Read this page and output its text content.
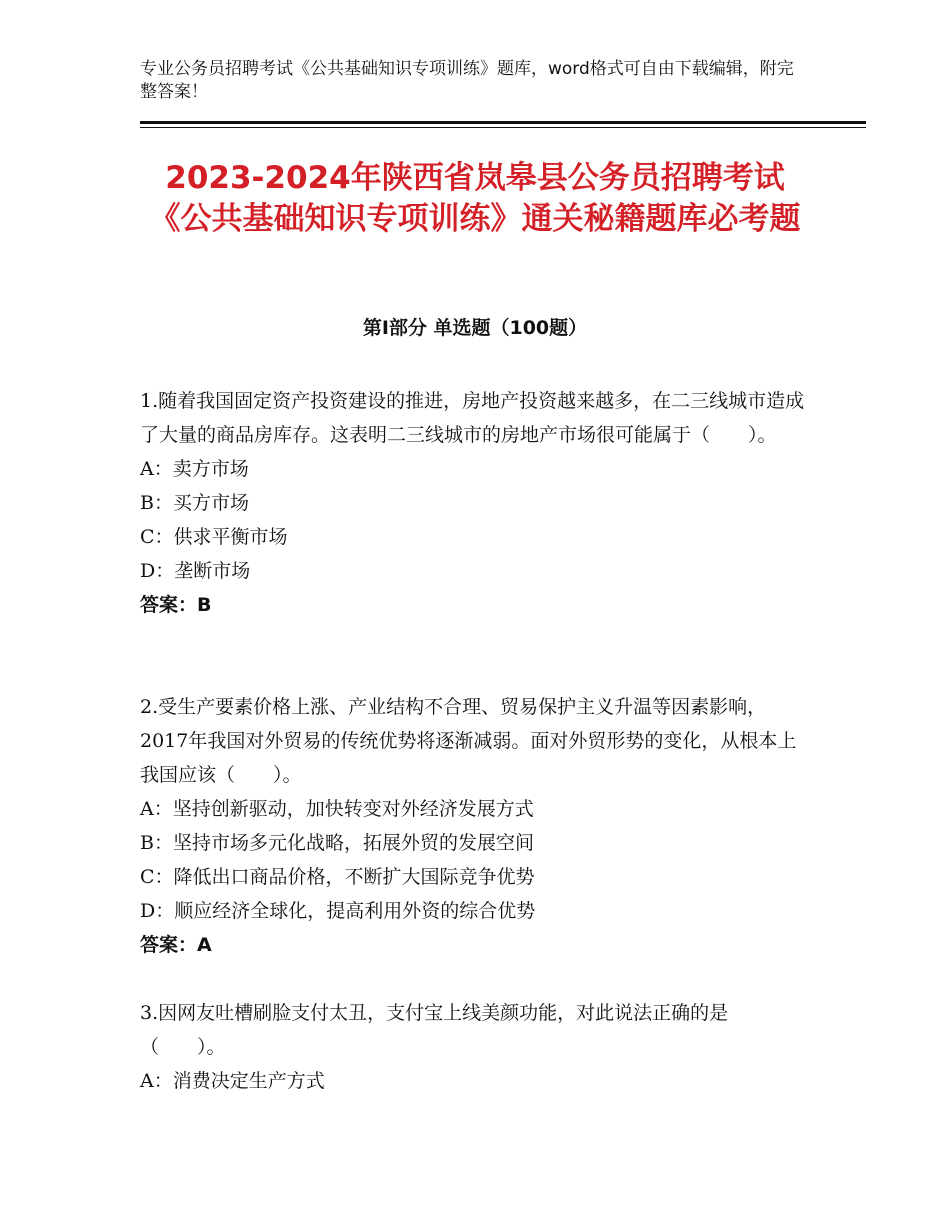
专业公务员招聘考试《公共基础知识专项训练》题库，word格式可自由下载编辑，附完整答案！
2023-2024年陕西省岚皋县公务员招聘考试《公共基础知识专项训练》通关秘籍题库必考题
第I部分 单选题（100题）

1.随着我国固定资产投资建设的推进，房地产投资越来越多，在二三线城市造成了大量的商品房库存。这表明二三线城市的房地产市场很可能属于（　　）。

A：卖方市场

B：买方市场

C：供求平衡市场

D：垄断市场

答案：B

2.受生产要素价格上涨、产业结构不合理、贸易保护主义升温等因素影响，2017年我国对外贸易的传统优势将逐渐减弱。面对外贸形势的变化，从根本上我国应该（　　）。

A：坚持创新驱动，加快转变对外经济发展方式

B：坚持市场多元化战略，拓展外贸的发展空间

C：降低出口商品价格，不断扩大国际竞争优势

D：顺应经济全球化，提高利用外资的综合优势

答案：A

3.因网友吐槽刷脸支付太丑，支付宝上线美颜功能，对此说法正确的是（　　）。

A：消费决定生产方式
